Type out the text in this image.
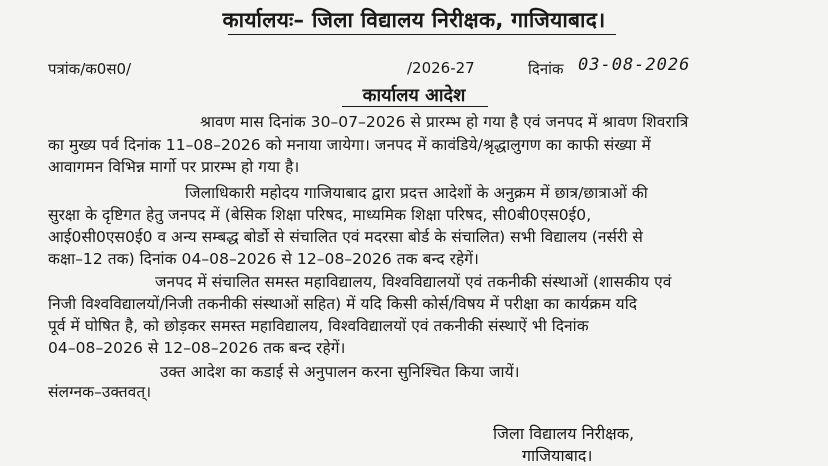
कार्यालयः– जिला विद्यालय निरीक्षक, गाजियाबाद।
पत्रांक/क0स0/	/2026-27	दिनांक 03-08-2026
कार्यालय आदेश
श्रावण मास दिनांक 30–07–2026 से प्रारम्भ हो गया है एवं जनपद में श्रावण शिवरात्रि
का मुख्य पर्व दिनांक 11–08–2026 को मनाया जायेगा। जनपद में कावंडिये/श्रृद्धालुगण का काफी संख्या में
आवागमन विभिन्न मार्गो पर प्रारम्भ हो गया है।
जिलाधिकारी महोदय गाजियाबाद द्वारा प्रदत्त आदेशों के अनुक्रम में छात्र/छात्राओं की
सुरक्षा के दृष्टिगत हेतु जनपद में (बेसिक शिक्षा परिषद, माध्यमिक शिक्षा परिषद, सी0बी0एस0ई0,
आई0सी0एस0ई0 व अन्य सम्बद्ध बोर्डो से संचालित एवं मदरसा बोर्ड के संचालित) सभी विद्यालय (नर्सरी से
कक्षा–12 तक) दिनांक 04–08–2026 से 12–08–2026 तक बन्द रहेगें।
जनपद में संचालित समस्त महाविद्यालय, विश्वविद्यालयों एवं तकनीकी संस्थाओं (शासकीय एवं
निजी विश्वविद्यालयों/निजी तकनीकी संस्थाओं सहित) में यदि किसी कोर्स/विषय में परीक्षा का कार्यक्रम यदि
पूर्व में घोषित है, को छोड़कर समस्त महाविद्यालय, विश्वविद्यालयों एवं तकनीकी संस्थाऐं भी दिनांक
04–08–2026 से 12–08–2026 तक बन्द रहेगें।
उक्त आदेश का कडाई से अनुपालन करना सुनिश्चित किया जायें।
संलग्नक–उक्तवत्।
जिला विद्यालय निरीक्षक,
गाजियाबाद।
